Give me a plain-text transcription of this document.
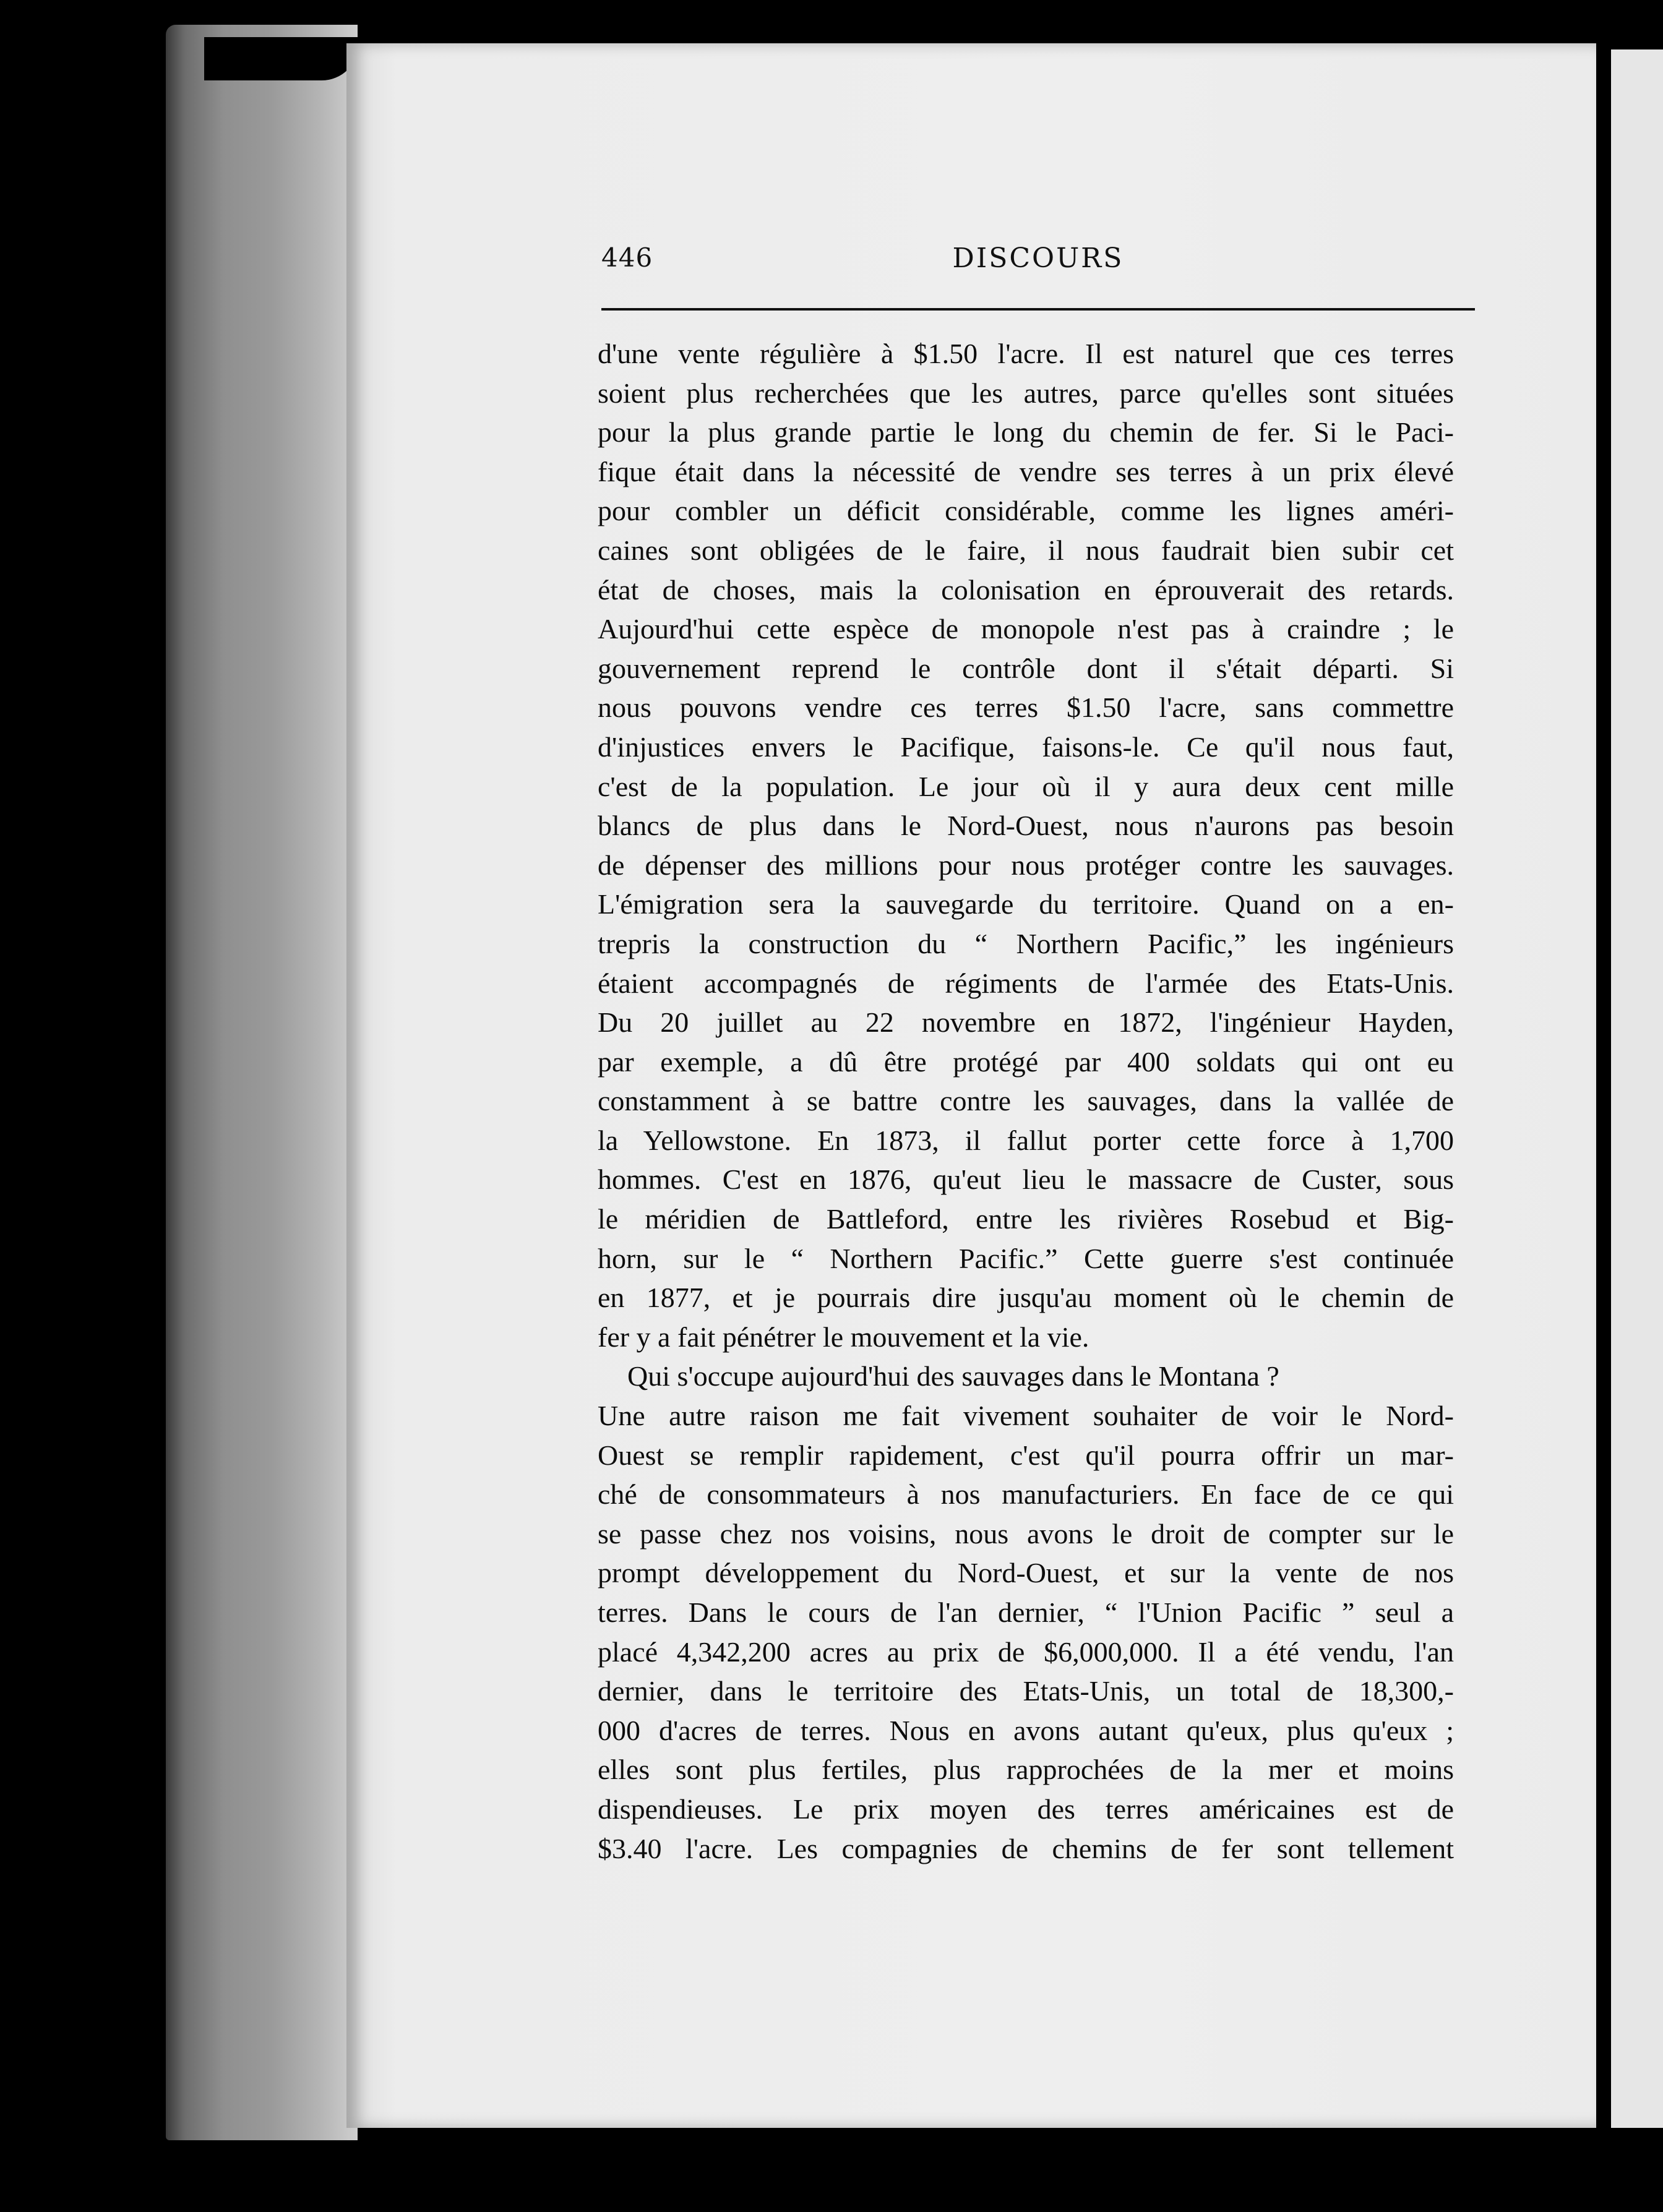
446	DISCOURS
d'une vente régulière à $1.50 l'acre. Il est naturel que ces terres
soient plus recherchées que les autres, parce qu'elles sont situées
pour la plus grande partie le long du chemin de fer. Si le Paci-
fique était dans la nécessité de vendre ses terres à un prix élevé
pour combler un déficit considérable, comme les lignes améri-
caines sont obligées de le faire, il nous faudrait bien subir cet
état de choses, mais la colonisation en éprouverait des retards.
Aujourd'hui cette espèce de monopole n'est pas à craindre ; le
gouvernement reprend le contrôle dont il s'était départi. Si
nous pouvons vendre ces terres $1.50 l'acre, sans commettre
d'injustices envers le Pacifique, faisons-le. Ce qu'il nous faut,
c'est de la population. Le jour où il y aura deux cent mille
blancs de plus dans le Nord-Ouest, nous n'aurons pas besoin
de dépenser des millions pour nous protéger contre les sauvages.
L'émigration sera la sauvegarde du territoire. Quand on a en-
trepris la construction du “ Northern Pacific,” les ingénieurs
étaient accompagnés de régiments de l'armée des Etats-Unis.
Du 20 juillet au 22 novembre en 1872, l'ingénieur Hayden,
par exemple, a dû être protégé par 400 soldats qui ont eu
constamment à se battre contre les sauvages, dans la vallée de
la Yellowstone. En 1873, il fallut porter cette force à 1,700
hommes. C'est en 1876, qu'eut lieu le massacre de Custer, sous
le méridien de Battleford, entre les rivières Rosebud et Big-
horn, sur le “ Northern Pacific.” Cette guerre s'est continuée
en 1877, et je pourrais dire jusqu'au moment où le chemin de
fer y a fait pénétrer le mouvement et la vie.
Qui s'occupe aujourd'hui des sauvages dans le Montana ?
Une autre raison me fait vivement souhaiter de voir le Nord-
Ouest se remplir rapidement, c'est qu'il pourra offrir un mar-
ché de consommateurs à nos manufacturiers. En face de ce qui
se passe chez nos voisins, nous avons le droit de compter sur le
prompt développement du Nord-Ouest, et sur la vente de nos
terres. Dans le cours de l'an dernier, “ l'Union Pacific ” seul a
placé 4,342,200 acres au prix de $6,000,000. Il a été vendu, l'an
dernier, dans le territoire des Etats-Unis, un total de 18,300,-
000 d'acres de terres. Nous en avons autant qu'eux, plus qu'eux ;
elles sont plus fertiles, plus rapprochées de la mer et moins
dispendieuses. Le prix moyen des terres américaines est de
$3.40 l'acre. Les compagnies de chemins de fer sont tellement
